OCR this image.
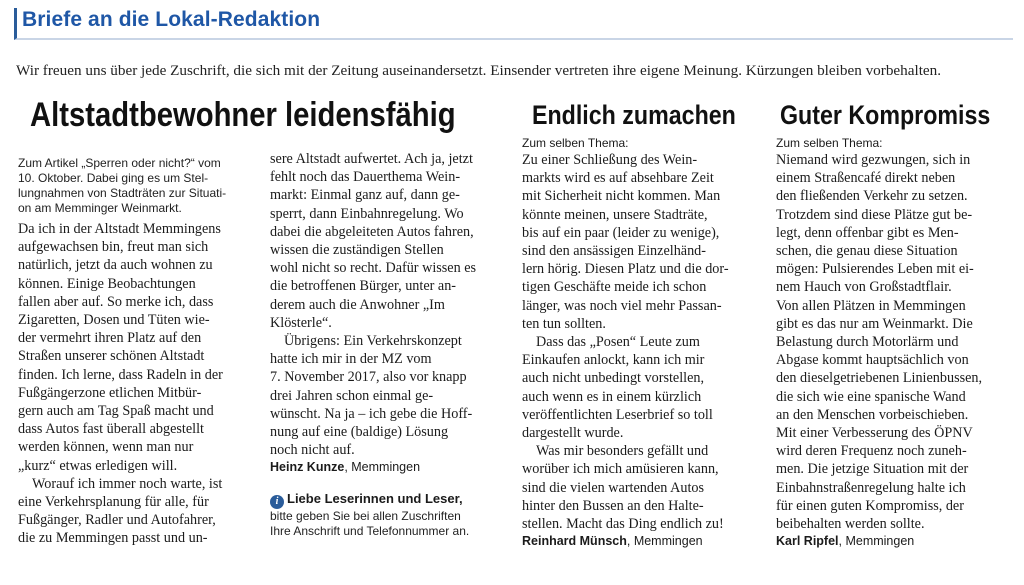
Briefe an die Lokal-Redaktion
Wir freuen uns über jede Zuschrift, die sich mit der Zeitung auseinandersetzt. Einsender vertreten ihre eigene Meinung. Kürzungen bleiben vorbehalten.
Altstadtbewohner leidensfähig	Endlich zumachen Guter Kompromiss

Zum Artikel „Sperren oder nicht?“ vom

10. Oktober. Dabei ging es um Stel-

lungnahmen von Stadträten zur Situati-

on am Memminger Weinmarkt.

Da ich in der Altstadt Memmingens

aufgewachsen bin, freut man sich

natürlich, jetzt da auch wohnen zu

können. Einige Beobachtungen

fallen aber auf. So merke ich, dass

Zigaretten, Dosen und Tüten wie-

der vermehrt ihren Platz auf den

Straßen unserer schönen Altstadt

finden. Ich lerne, dass Radeln in der

Fußgängerzone etlichen Mitbür-

gern auch am Tag Spaß macht und

dass Autos fast überall abgestellt

werden können, wenn man nur

„kurz“ etwas erledigen will.

Worauf ich immer noch warte, ist

eine Verkehrsplanung für alle, für

Fußgänger, Radler und Autofahrer,

die zu Memmingen passt und un-

sere Altstadt aufwertet. Ach ja, jetzt

fehlt noch das Dauerthema Wein-

markt: Einmal ganz auf, dann ge-

sperrt, dann Einbahnregelung. Wo

dabei die abgeleiteten Autos fahren,

wissen die zuständigen Stellen

wohl nicht so recht. Dafür wissen es

die betroffenen Bürger, unter an-

derem auch die Anwohner „Im

Klösterle“.

Übrigens: Ein Verkehrskonzept

hatte ich mir in der MZ vom

7. November 2017, also vor knapp

drei Jahren schon einmal ge-

wünscht. Na ja – ich gebe die Hoff-

nung auf eine (baldige) Lösung

noch nicht auf.

Heinz Kunze, Memmingen

i Liebe Leserinnen und Leser,

bitte geben Sie bei allen Zuschriften

Ihre Anschrift und Telefonnummer an.

Zum selben Thema:

Zu einer Schließung des Wein-

markts wird es auf absehbare Zeit

mit Sicherheit nicht kommen. Man

könnte meinen, unsere Stadträte,

bis auf ein paar (leider zu wenige),

sind den ansässigen Einzelhänd-

lern hörig. Diesen Platz und die dor-

tigen Geschäfte meide ich schon

länger, was noch viel mehr Passan-

ten tun sollten.

Dass das „Posen“ Leute zum

Einkaufen anlockt, kann ich mir

auch nicht unbedingt vorstellen,

auch wenn es in einem kürzlich

veröffentlichten Leserbrief so toll

dargestellt wurde.

Was mir besonders gefällt und

worüber ich mich amüsieren kann,

sind die vielen wartenden Autos

hinter den Bussen an den Halte-

stellen. Macht das Ding endlich zu!

Reinhard Münsch, Memmingen

Zum selben Thema:

Niemand wird gezwungen, sich in

einem Straßencafé direkt neben

den fließenden Verkehr zu setzen.

Trotzdem sind diese Plätze gut be-

legt, denn offenbar gibt es Men-

schen, die genau diese Situation

mögen: Pulsierendes Leben mit ei-

nem Hauch von Großstadtflair.

Von allen Plätzen in Memmingen

gibt es das nur am Weinmarkt. Die

Belastung durch Motorlärm und

Abgase kommt hauptsächlich von

den dieselgetriebenen Linienbussen,

die sich wie eine spanische Wand

an den Menschen vorbeischieben.

Mit einer Verbesserung des ÖPNV

wird deren Frequenz noch zuneh-

men. Die jetzige Situation mit der

Einbahnstraßenregelung halte ich

für einen guten Kompromiss, der

beibehalten werden sollte.

Karl Ripfel, Memmingen
